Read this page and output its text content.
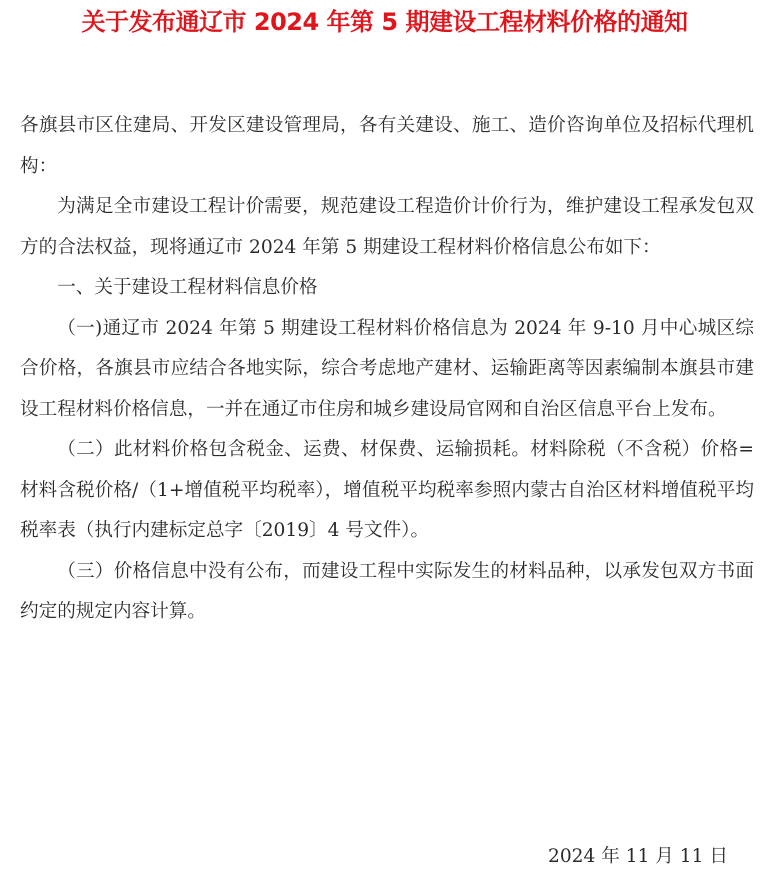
关于发布通辽市 2024 年第 5 期建设工程材料价格的通知

各旗县市区住建局、开发区建设管理局，各有关建设、施工、造价咨询单位及招标代理机构：

为满足全市建设工程计价需要，规范建设工程造价计价行为，维护建设工程承发包双方的合法权益，现将通辽市 2024 年第 5 期建设工程材料价格信息公布如下：

一、关于建设工程材料信息价格

（一)通辽市 2024 年第 5 期建设工程材料价格信息为 2024 年 9-10 月中心城区综合价格，各旗县市应结合各地实际，综合考虑地产建材、运输距离等因素编制本旗县市建设工程材料价格信息，一并在通辽市住房和城乡建设局官网和自治区信息平台上发布。

（二）此材料价格包含税金、运费、材保费、运输损耗。材料除税（不含税）价格=材料含税价格/（1+增值税平均税率），增值税平均税率参照内蒙古自治区材料增值税平均税率表（执行内建标定总字〔2019〕4 号文件）。

（三）价格信息中没有公布，而建设工程中实际发生的材料品种，以承发包双方书面约定的规定内容计算。

2024 年 11 月 11 日
